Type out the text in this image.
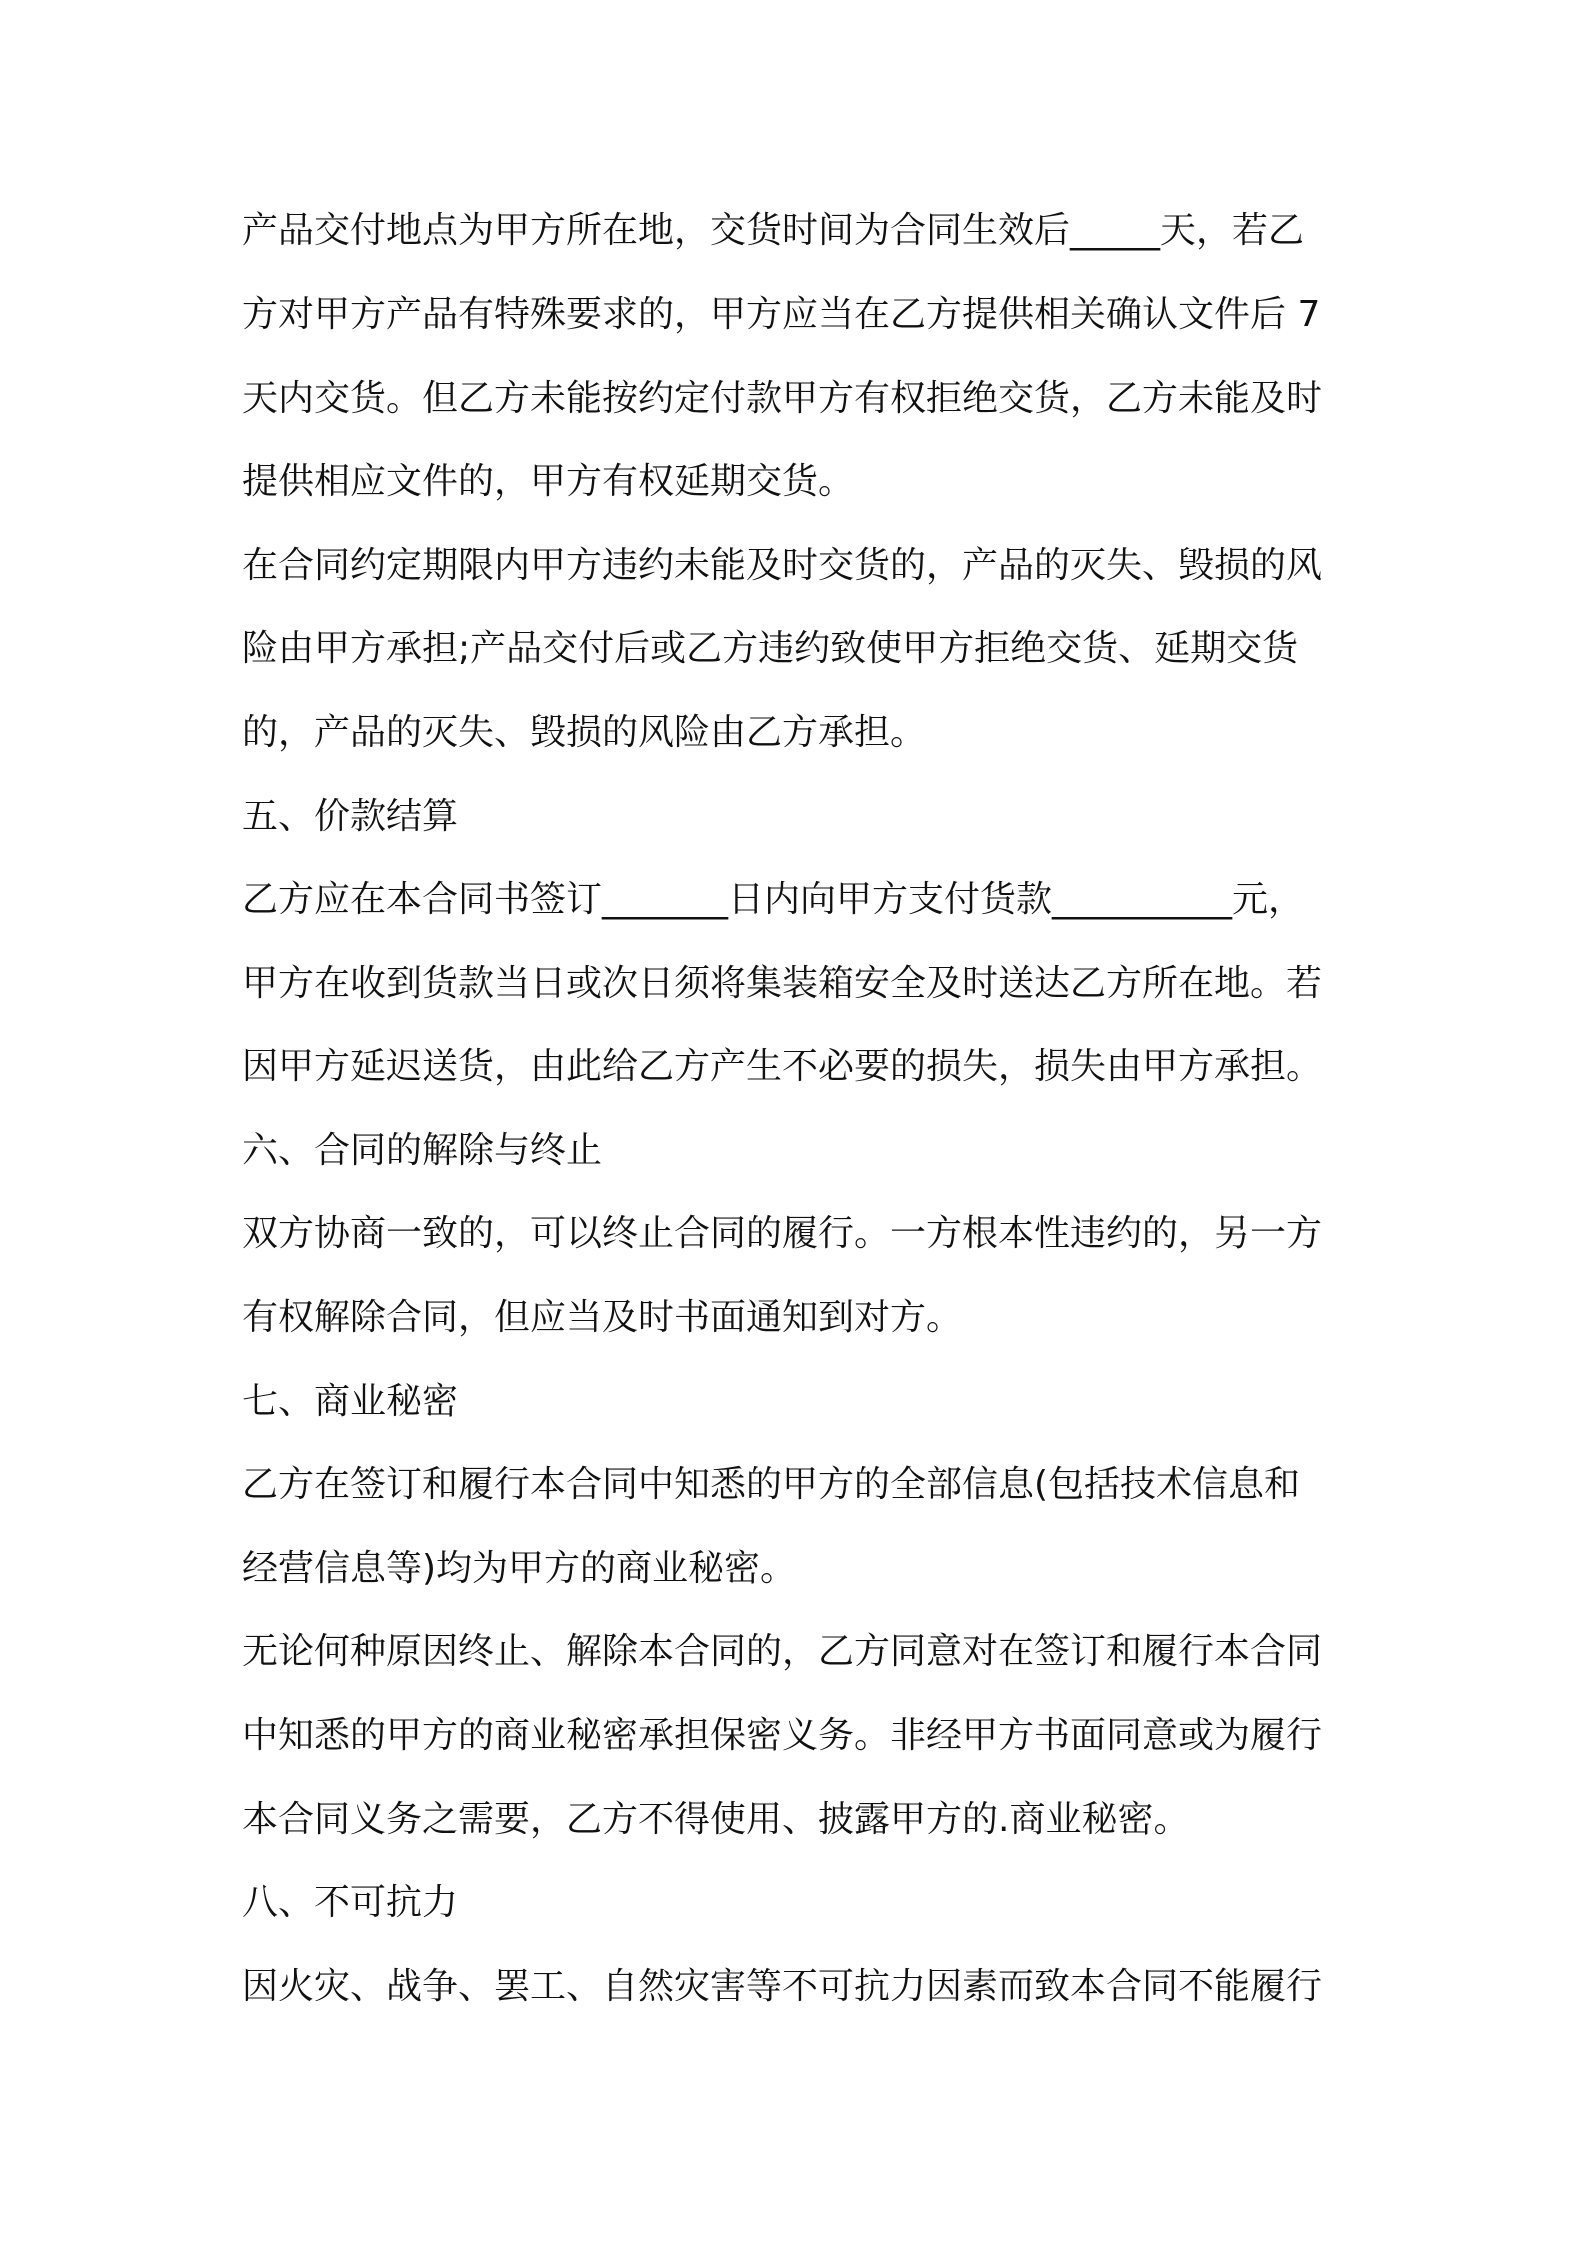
产品交付地点为甲方所在地，交货时间为合同生效后_____天，若乙
方对甲方产品有特殊要求的，甲方应当在乙方提供相关确认文件后 7
天内交货。但乙方未能按约定付款甲方有权拒绝交货，乙方未能及时
提供相应文件的，甲方有权延期交货。
在合同约定期限内甲方违约未能及时交货的，产品的灭失、毁损的风
险由甲方承担;产品交付后或乙方违约致使甲方拒绝交货、延期交货
的，产品的灭失、毁损的风险由乙方承担。
五、价款结算
乙方应在本合同书签订_______日内向甲方支付货款__________元，
甲方在收到货款当日或次日须将集装箱安全及时送达乙方所在地。若
因甲方延迟送货，由此给乙方产生不必要的损失，损失由甲方承担。
六、合同的解除与终止
双方协商一致的，可以终止合同的履行。一方根本性违约的，另一方
有权解除合同，但应当及时书面通知到对方。
七、商业秘密
乙方在签订和履行本合同中知悉的甲方的全部信息(包括技术信息和
经营信息等)均为甲方的商业秘密。
无论何种原因终止、解除本合同的，乙方同意对在签订和履行本合同
中知悉的甲方的商业秘密承担保密义务。非经甲方书面同意或为履行
本合同义务之需要，乙方不得使用、披露甲方的.商业秘密。
八、不可抗力
因火灾、战争、罢工、自然灾害等不可抗力因素而致本合同不能履行
